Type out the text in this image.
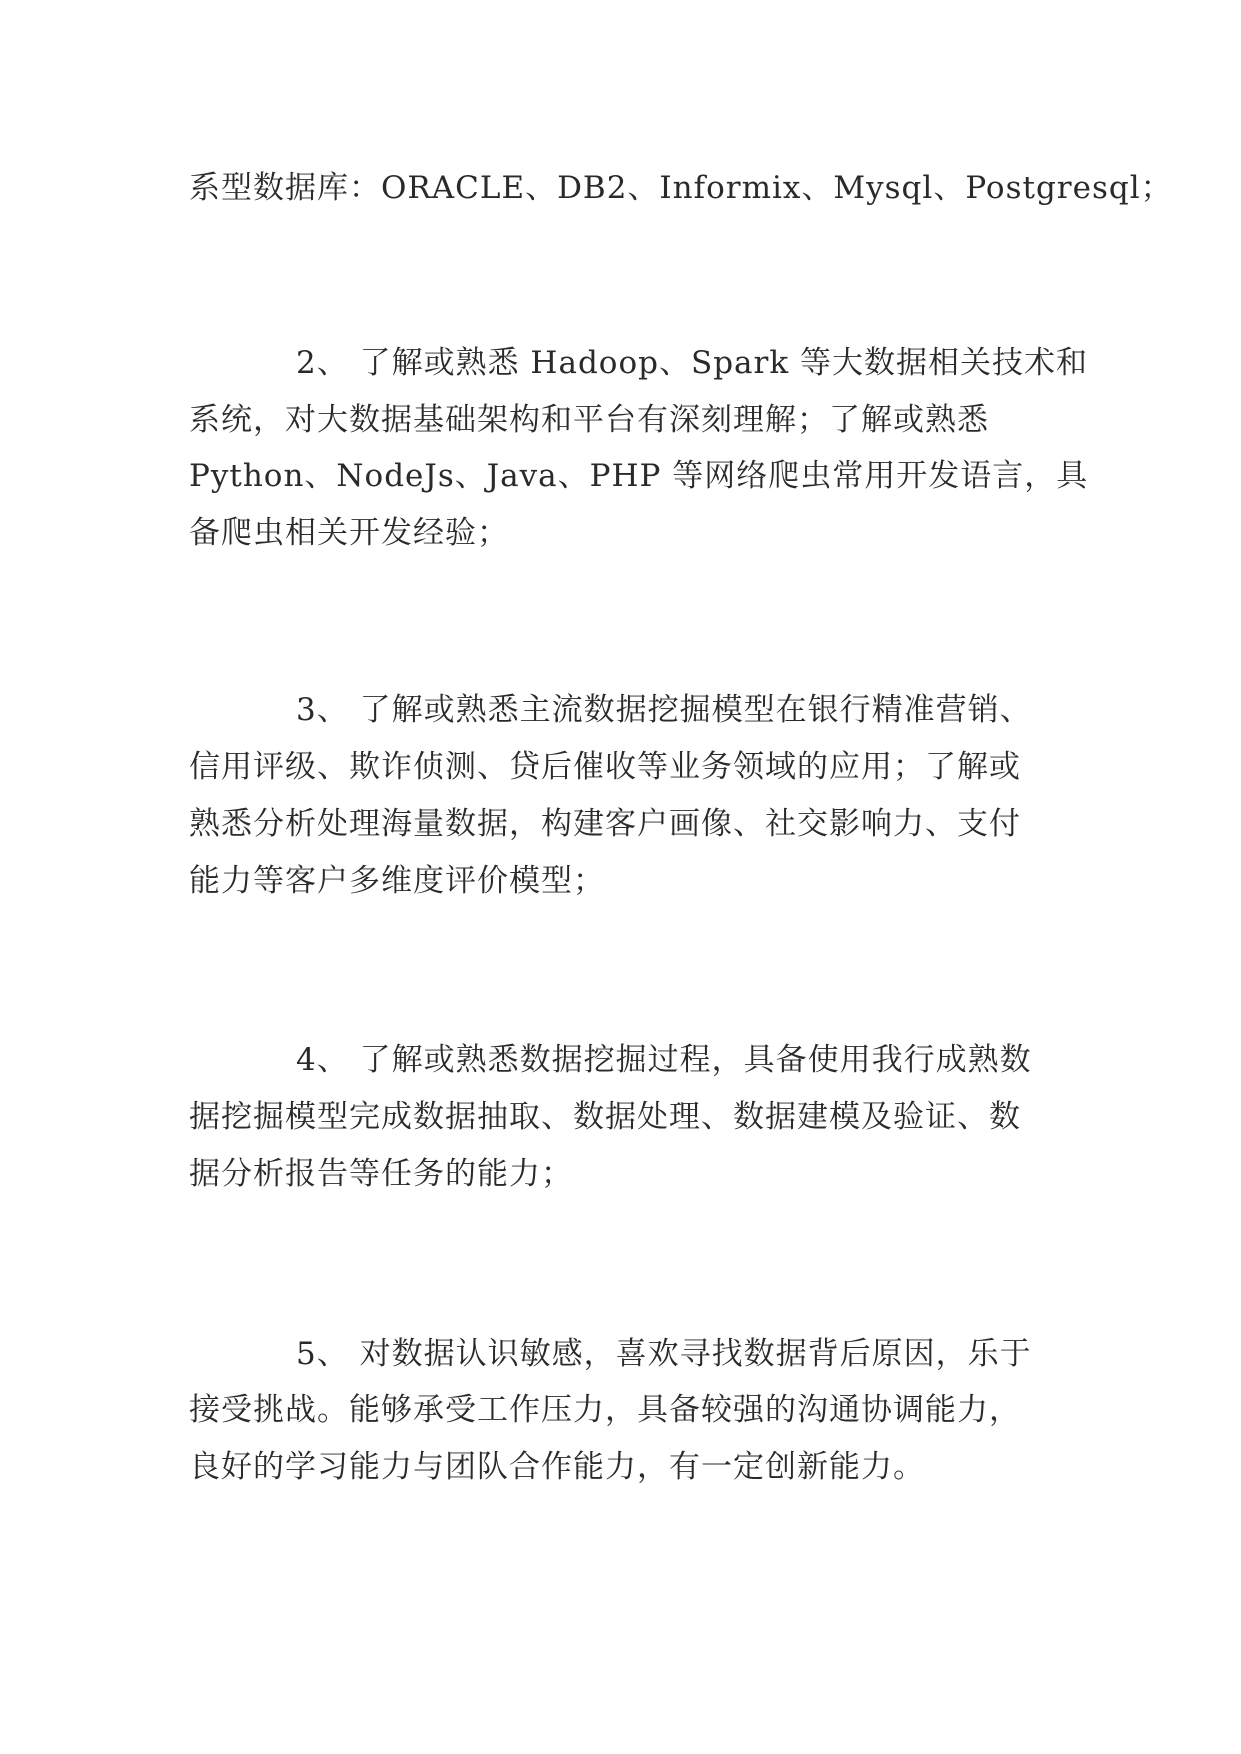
系型数据库：ORACLE、DB2、Informix、Mysql、Postgresql；
2、 了解或熟悉 Hadoop、Spark 等大数据相关技术和
系统，对大数据基础架构和平台有深刻理解；了解或熟悉
Python、NodeJs、Java、PHP 等网络爬虫常用开发语言，具
备爬虫相关开发经验；
3、 了解或熟悉主流数据挖掘模型在银行精准营销、
信用评级、欺诈侦测、贷后催收等业务领域的应用；了解或
熟悉分析处理海量数据，构建客户画像、社交影响力、支付
能力等客户多维度评价模型；
4、 了解或熟悉数据挖掘过程，具备使用我行成熟数
据挖掘模型完成数据抽取、数据处理、数据建模及验证、数
据分析报告等任务的能力；
5、 对数据认识敏感，喜欢寻找数据背后原因，乐于
接受挑战。能够承受工作压力，具备较强的沟通协调能力，
良好的学习能力与团队合作能力，有一定创新能力。
